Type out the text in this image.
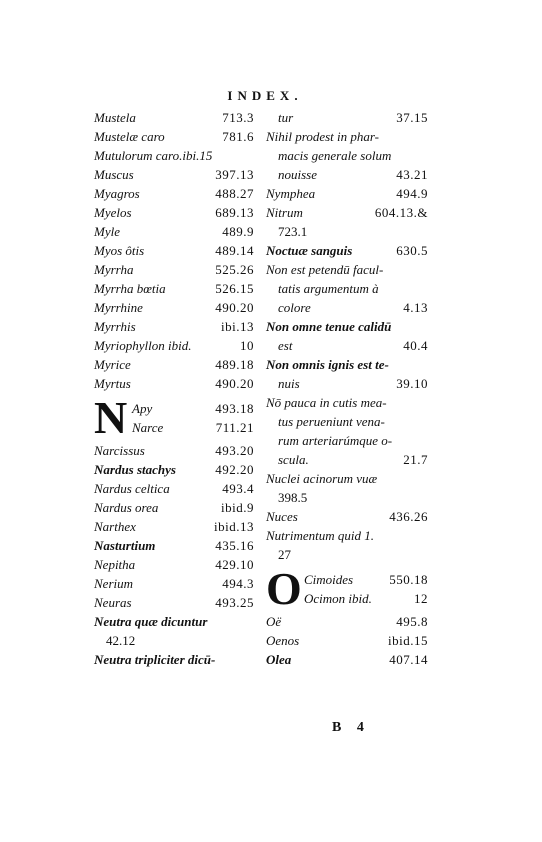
INDEX.
Mustela	713.3
Mustelæ caro	781.6
Mutulorum caro.ibi.15
Muscus	397.13
Myagros	488.27
Myelos	689.13
Myle	489.9
Myos ôtis	489.14
Myrrha	525.26
Myrrha bœtia	526.15
Myrrhine	490.20
Myrrhis	ibi.13
Myriophyllon ibid.	10
Myrice	489.18
Myrtus	490.20
N Apy	493.18
Narce	711.21
Narcissus	493.20
Nardus stachys	492.20
Nardus celtica	493.4
Nardus orea	ibid.9
Narthex	ibid.13
Nasturtium	435.16
Nepitha	429.10
Nerium	494.3
Neuras	493.25
Neutra quæ dicuntur
42.12
Neutra tripliciter dicū-
tur	37.15
Nihil prodest in phar-
macis generale solum
nouisse	43.21
Nymphea	494.9
Nitrum	604.13.&
723.1
Noctuæ sanguis	630.5
Non est petendū facul-
tatis argumentum à
colore	4.13
Non omne tenue calidū
est	40.4
Non omnis ignis est te-
nuis	39.10
Nō pauca in cutis mea-
tus perueniunt vena-
rum arteriarúmque o-
scula.	21.7
Nuclei acinorum vuæ
398.5
Nuces	436.26
Nutrimentum quid 1.
27
O Cimoides	550.18
Ocimon ibid.	12
Oë	495.8
Oenos	ibid.15
Olea	407.14
B 4
